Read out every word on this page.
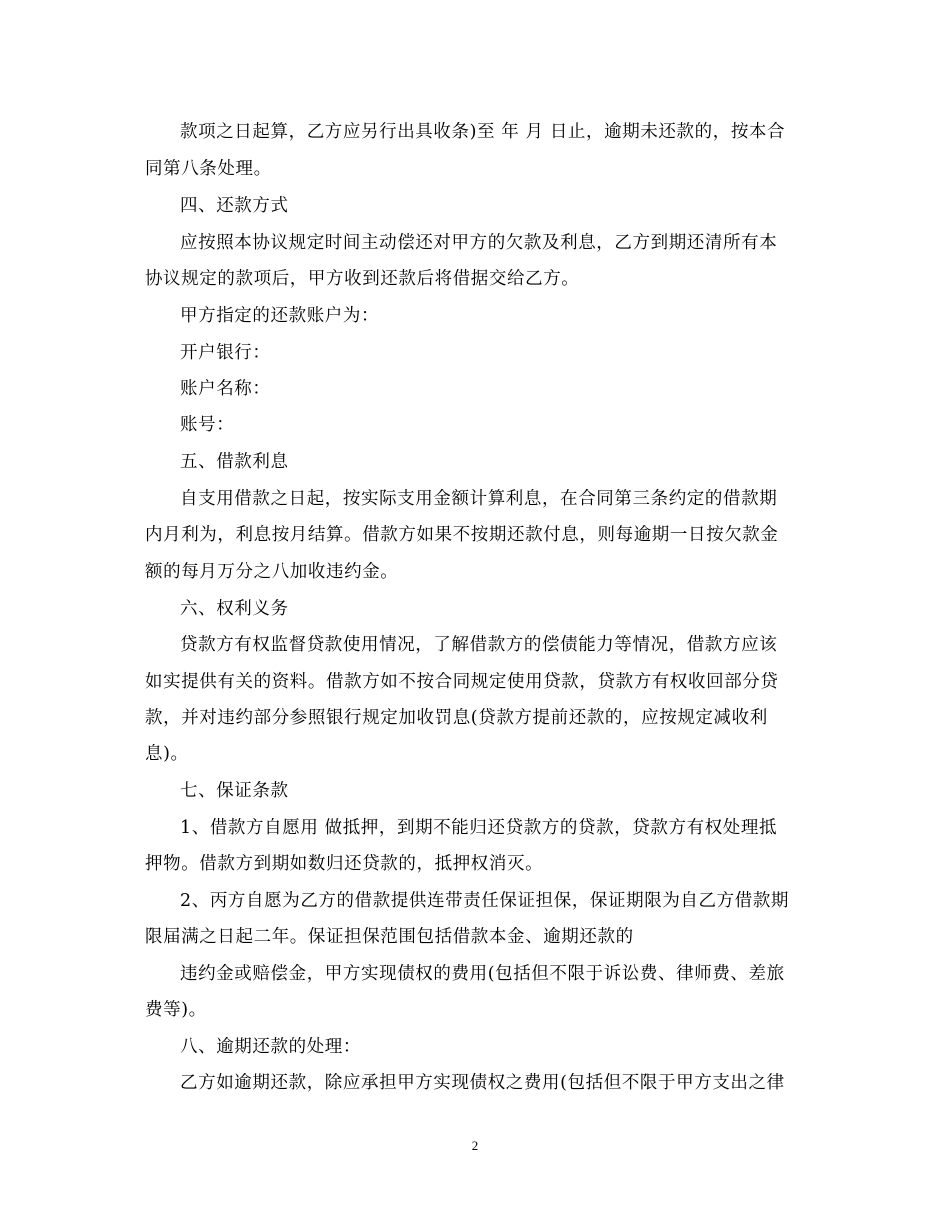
款项之日起算，乙方应另行出具收条)至 年 月 日止，逾期未还款的，按本合
同第八条处理。
四、还款方式
应按照本协议规定时间主动偿还对甲方的欠款及利息，乙方到期还清所有本
协议规定的款项后，甲方收到还款后将借据交给乙方。
甲方指定的还款账户为：
开户银行：
账户名称：
账号：
五、借款利息
自支用借款之日起，按实际支用金额计算利息，在合同第三条约定的借款期
内月利为，利息按月结算。借款方如果不按期还款付息，则每逾期一日按欠款金
额的每月万分之八加收违约金。
六、权利义务
贷款方有权监督贷款使用情况，了解借款方的偿债能力等情况，借款方应该
如实提供有关的资料。借款方如不按合同规定使用贷款，贷款方有权收回部分贷
款，并对违约部分参照银行规定加收罚息(贷款方提前还款的，应按规定减收利
息)。
七、保证条款
1、借款方自愿用 做抵押，到期不能归还贷款方的贷款，贷款方有权处理抵
押物。借款方到期如数归还贷款的，抵押权消灭。
2、丙方自愿为乙方的借款提供连带责任保证担保，保证期限为自乙方借款期
限届满之日起二年。保证担保范围包括借款本金、逾期还款的
违约金或赔偿金，甲方实现债权的费用(包括但不限于诉讼费、律师费、差旅
费等)。
八、逾期还款的处理：
乙方如逾期还款，除应承担甲方实现债权之费用(包括但不限于甲方支出之律
2
